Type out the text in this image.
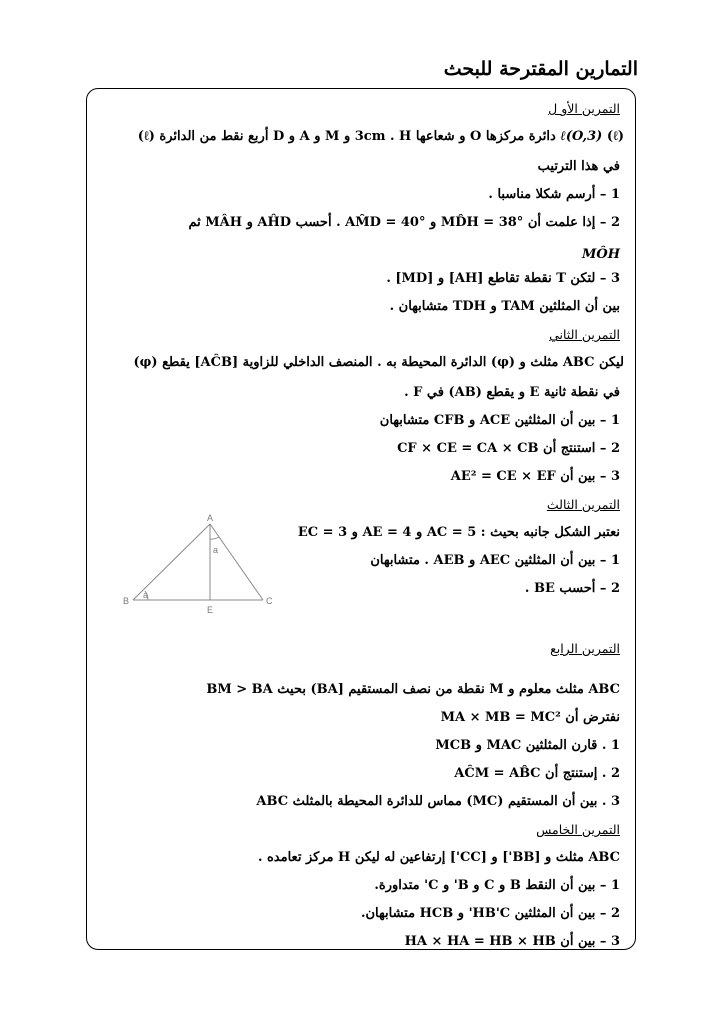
التمارين المقترحة للبحث
التمرين الأو ل
ℓ(O,3) (ℓ) دائرة مركزها O و شعاعها 3cm . H و M و A و D أربع نقط من الدائرة (ℓ)
في هذا الترتيب
1 – أرسم شكلا مناسبا .
2 – إذا علمت أن MD̂H = 38° و AM̂D = 40° . أحسب AĤD و MÂH ثم
MÔH
3 – لتكن T نقطة تقاطع [AH] و [MD] .
بين أن المثلثين TAM و TDH متشابهان .
التمرين الثاني
ليكن ABC مثلث و (φ) الدائرة المحيطة به . المنصف الداخلي للزاوية [AĈB] يقطع (φ)
في نقطة ثانية E و يقطع (AB) في F .
1 – بين أن المثلثين ACE و CFB متشابهان
2 – استنتج أن CF × CE = CA × CB
3 – بين أن AE² = CE × EF
التمرين الثالث
نعتبر الشكل جانبه بحيث : AC = 5 و AE = 4 و EC = 3
1 – بين أن المثلثين AEC و AEB . متشابهان
2 – أحسب BE .
A
B	C
E
a
a
التمرين الرابع
ABC مثلث معلوم و M نقطة من نصف المستقيم [BA) بحيث BM > BA
نفترض أن MA × MB = MC²
1 . قارن المثلثين MAC و MCB
2 . إستنتج أن AĈM = AB̂C
3 . بين أن المستقيم (MC) مماس للدائرة المحيطة بالمثلث ABC
التمرين الخامس
ABC مثلث و [BB'] و [CC'] إرتفاعين له ليكن H مركز تعامده .
1 – بين أن النقط B و C و B' و C' متداورة.
2 – بين أن المثلثين HB'C' و HCB متشابهان.
3 – بين أن HA × HA = HB × HB
